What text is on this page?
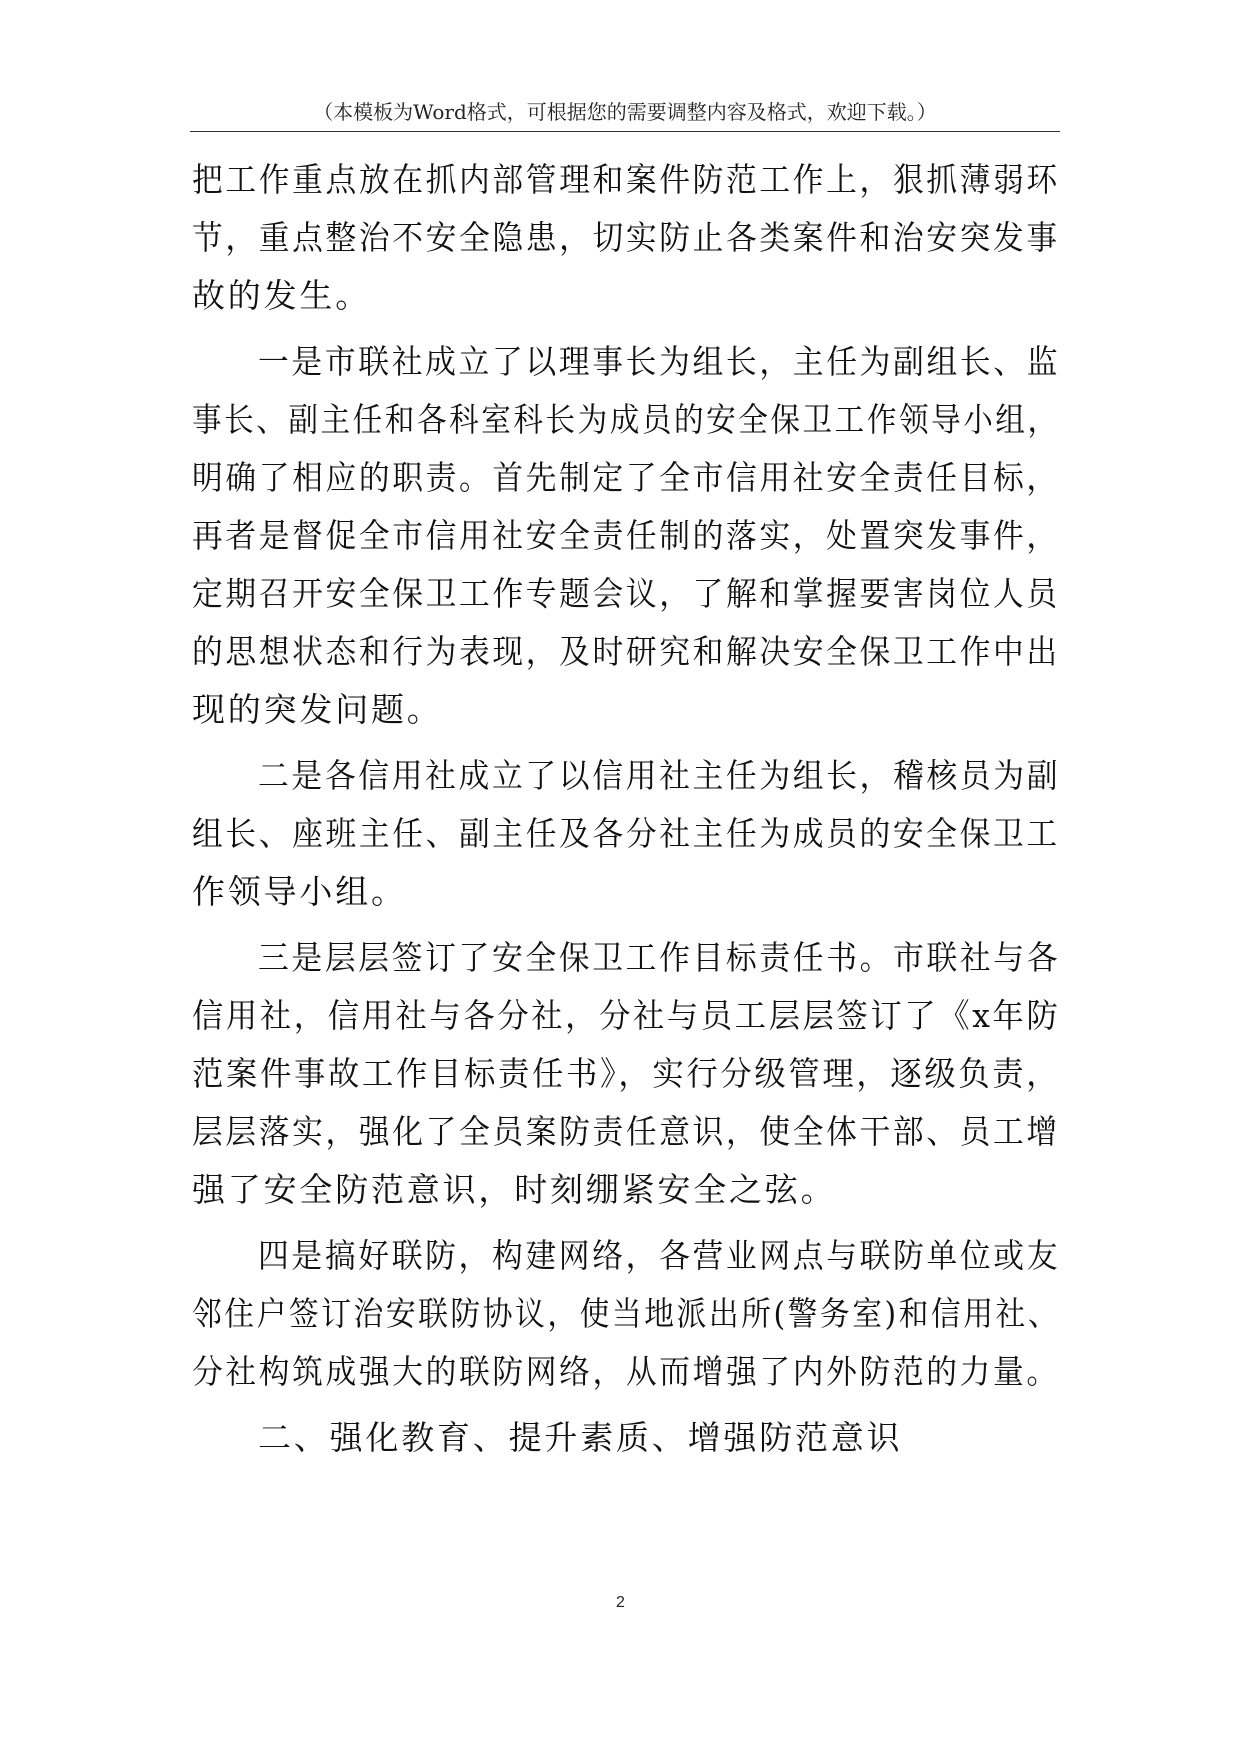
（本模板为Word格式，可根据您的需要调整内容及格式，欢迎下载。）
把工作重点放在抓内部管理和案件防范工作上，狠抓薄弱环
节，重点整治不安全隐患，切实防止各类案件和治安突发事
故的发生。
一是市联社成立了以理事长为组长，主任为副组长、监
事长、副主任和各科室科长为成员的安全保卫工作领导小组，
明确了相应的职责。首先制定了全市信用社安全责任目标，
再者是督促全市信用社安全责任制的落实，处置突发事件，
定期召开安全保卫工作专题会议，了解和掌握要害岗位人员
的思想状态和行为表现，及时研究和解决安全保卫工作中出
现的突发问题。
二是各信用社成立了以信用社主任为组长，稽核员为副
组长、座班主任、副主任及各分社主任为成员的安全保卫工
作领导小组。
三是层层签订了安全保卫工作目标责任书。市联社与各
信用社，信用社与各分社，分社与员工层层签订了《x年防
范案件事故工作目标责任书》，实行分级管理，逐级负责，
层层落实，强化了全员案防责任意识，使全体干部、员工增
强了安全防范意识，时刻绷紧安全之弦。
四是搞好联防，构建网络，各营业网点与联防单位或友
邻住户签订治安联防协议，使当地派出所(警务室)和信用社、
分社构筑成强大的联防网络，从而增强了内外防范的力量。
二、强化教育、提升素质、增强防范意识
2
